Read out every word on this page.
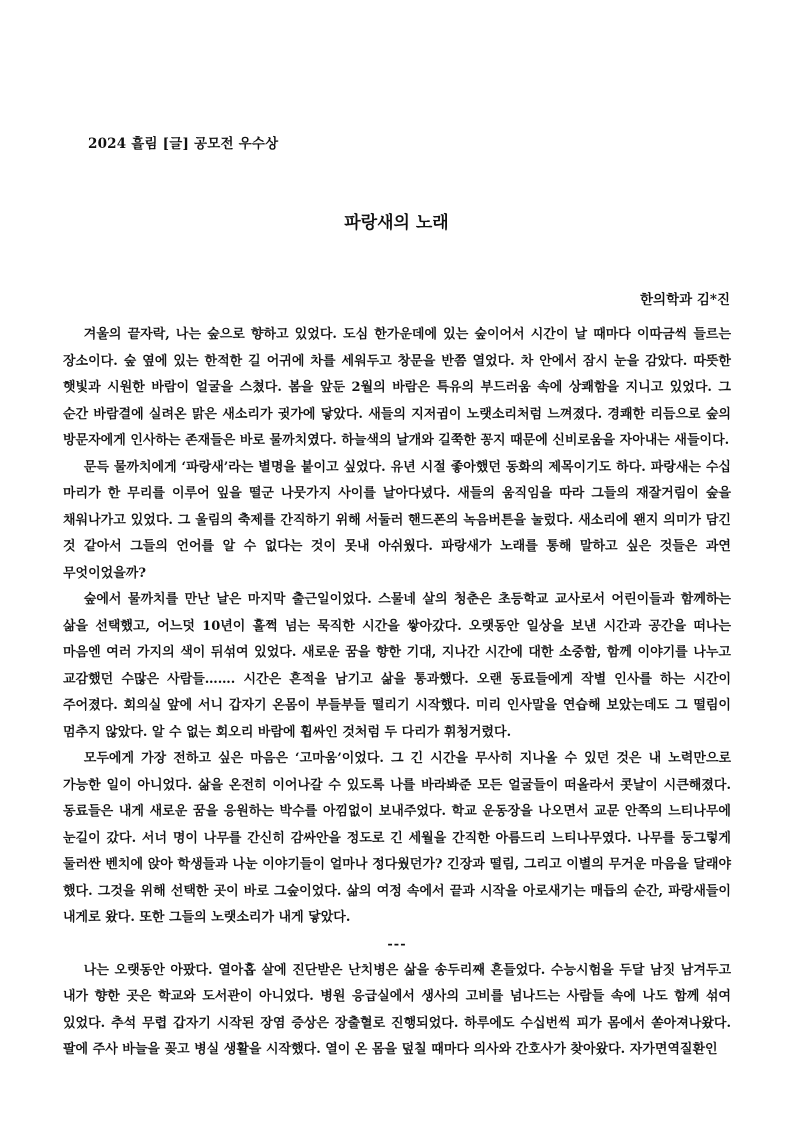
2024 흘림 [글] 공모전 우수상
파랑새의 노래
한의학과 김*진

겨울의 끝자락, 나는 숲으로 향하고 있었다. 도심 한가운데에 있는 숲이어서 시간이 날 때마다 이따금씩 들르는 장소이다. 숲 옆에 있는 한적한 길 어귀에 차를 세워두고 창문을 반쯤 열었다. 차 안에서 잠시 눈을 감았다. 따뜻한 햇빛과 시원한 바람이 얼굴을 스쳤다. 봄을 앞둔 2월의 바람은 특유의 부드러움 속에 상쾌함을 지니고 있었다. 그 순간 바람결에 실려온 맑은 새소리가 귓가에 닿았다. 새들의 지저귐이 노랫소리처럼 느껴졌다. 경쾌한 리듬으로 숲의 방문자에게 인사하는 존재들은 바로 물까치였다. 하늘색의 날개와 길쭉한 꽁지 때문에 신비로움을 자아내는 새들이다.

문득 물까치에게 ‘파랑새’라는 별명을 붙이고 싶었다. 유년 시절 좋아했던 동화의 제목이기도 하다. 파랑새는 수십 마리가 한 무리를 이루어 잎을 떨군 나뭇가지 사이를 날아다녔다. 새들의 움직임을 따라 그들의 재잘거림이 숲을 채워나가고 있었다. 그 울림의 축제를 간직하기 위해 서둘러 핸드폰의 녹음버튼을 눌렀다. 새소리에 왠지 의미가 담긴 것 같아서 그들의 언어를 알 수 없다는 것이 못내 아쉬웠다. 파랑새가 노래를 통해 말하고 싶은 것들은 과연 무엇이었을까?

숲에서 물까치를 만난 날은 마지막 출근일이었다. 스물네 살의 청춘은 초등학교 교사로서 어린이들과 함께하는 삶을 선택했고, 어느덧 10년이 훌쩍 넘는 묵직한 시간을 쌓아갔다. 오랫동안 일상을 보낸 시간과 공간을 떠나는 마음엔 여러 가지의 색이 뒤섞여 있었다. 새로운 꿈을 향한 기대, 지나간 시간에 대한 소중함, 함께 이야기를 나누고 교감했던 수많은 사람들……. 시간은 흔적을 남기고 삶을 통과했다. 오랜 동료들에게 작별 인사를 하는 시간이 주어졌다. 회의실 앞에 서니 갑자기 온몸이 부들부들 떨리기 시작했다. 미리 인사말을 연습해 보았는데도 그 떨림이 멈추지 않았다. 알 수 없는 회오리 바람에 휩싸인 것처럼 두 다리가 휘청거렸다.

모두에게 가장 전하고 싶은 마음은 ‘고마움’이었다. 그 긴 시간을 무사히 지나올 수 있던 것은 내 노력만으로 가능한 일이 아니었다. 삶을 온전히 이어나갈 수 있도록 나를 바라봐준 모든 얼굴들이 떠올라서 콧날이 시큰해졌다. 동료들은 내게 새로운 꿈을 응원하는 박수를 아낌없이 보내주었다. 학교 운동장을 나오면서 교문 안쪽의 느티나무에 눈길이 갔다. 서너 명이 나무를 간신히 감싸안을 정도로 긴 세월을 간직한 아름드리 느티나무였다. 나무를 둥그렇게 둘러싼 벤치에 앉아 학생들과 나눈 이야기들이 얼마나 정다웠던가? 긴장과 떨림, 그리고 이별의 무거운 마음을 달래야 했다. 그것을 위해 선택한 곳이 바로 그숲이었다. 삶의 여정 속에서 끝과 시작을 아로새기는 매듭의 순간, 파랑새들이 내게로 왔다. 또한 그들의 노랫소리가 내게 닿았다.

---

나는 오랫동안 아팠다. 열아홉 살에 진단받은 난치병은 삶을 송두리째 흔들었다. 수능시험을 두달 남짓 남겨두고 내가 향한 곳은 학교와 도서관이 아니었다. 병원 응급실에서 생사의 고비를 넘나드는 사람들 속에 나도 함께 섞여 있었다. 추석 무렵 갑자기 시작된 장염 증상은 장출혈로 진행되었다. 하루에도 수십번씩 피가 몸에서 쏟아져나왔다. 팔에 주사 바늘을 꽂고 병실 생활을 시작했다. 열이 온 몸을 덮칠 때마다 의사와 간호사가 찾아왔다. 자가면역질환인
